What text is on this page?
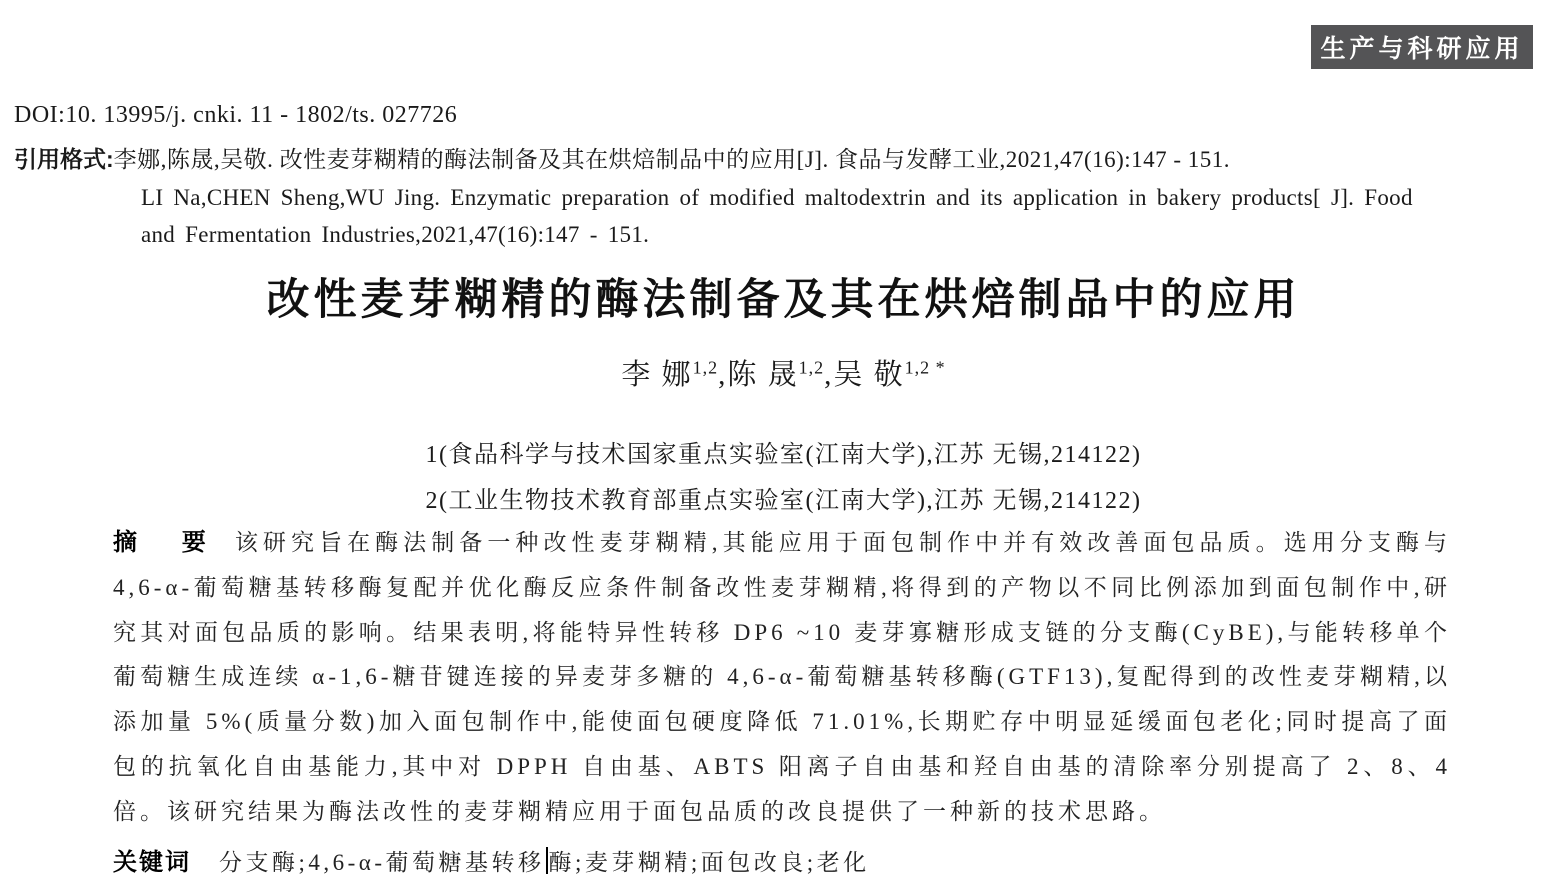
生产与科研应用
DOI:10. 13995/j. cnki. 11 - 1802/ts. 027726
引用格式:李娜,陈晟,吴敬. 改性麦芽糊精的酶法制备及其在烘焙制品中的应用[J]. 食品与发酵工业,2021,47(16):147 - 151.
LI Na,CHEN Sheng,WU Jing. Enzymatic preparation of modified maltodextrin and its application in bakery products[ J]. Food
and Fermentation Industries,2021,47(16):147 - 151.
改性麦芽糊精的酶法制备及其在烘焙制品中的应用
李 娜$^{1,2}$,陈 晟$^{1,2}$,吴 敬$^{1,2 *}$
1(食品科学与技术国家重点实验室(江南大学),江苏 无锡,214122)
2(工业生物技术教育部重点实验室(江南大学),江苏 无锡,214122)
摘 要 该研究旨在酶法制备一种改性麦芽糊精,其能应用于面包制作中并有效改善面包品质。选用分支酶与4,6-α-葡萄糖基转移酶复配并优化酶反应条件制备改性麦芽糊精,将得到的产物以不同比例添加到面包制作中,研究其对面包品质的影响。结果表明,将能特异性转移 DP6 ~10 麦芽寡糖形成支链的分支酶(CyBE),与能转移单个葡萄糖生成连续 α-1,6-糖苷键连接的异麦芽多糖的 4,6-α-葡萄糖基转移酶(GTF13),复配得到的改性麦芽糊精,以添加量 5%(质量分数)加入面包制作中,能使面包硬度降低 71.01%,长期贮存中明显延缓面包老化;同时提高了面包的抗氧化自由基能力,其中对 DPPH 自由基、ABTS 阳离子自由基和羟自由基的清除率分别提高了 2、8、4 倍。该研究结果为酶法改性的麦芽糊精应用于面包品质的改良提供了一种新的技术思路。
关键词 分支酶;4,6-α-葡萄糖基转移 酶;麦芽糊精;面包改良;老化
